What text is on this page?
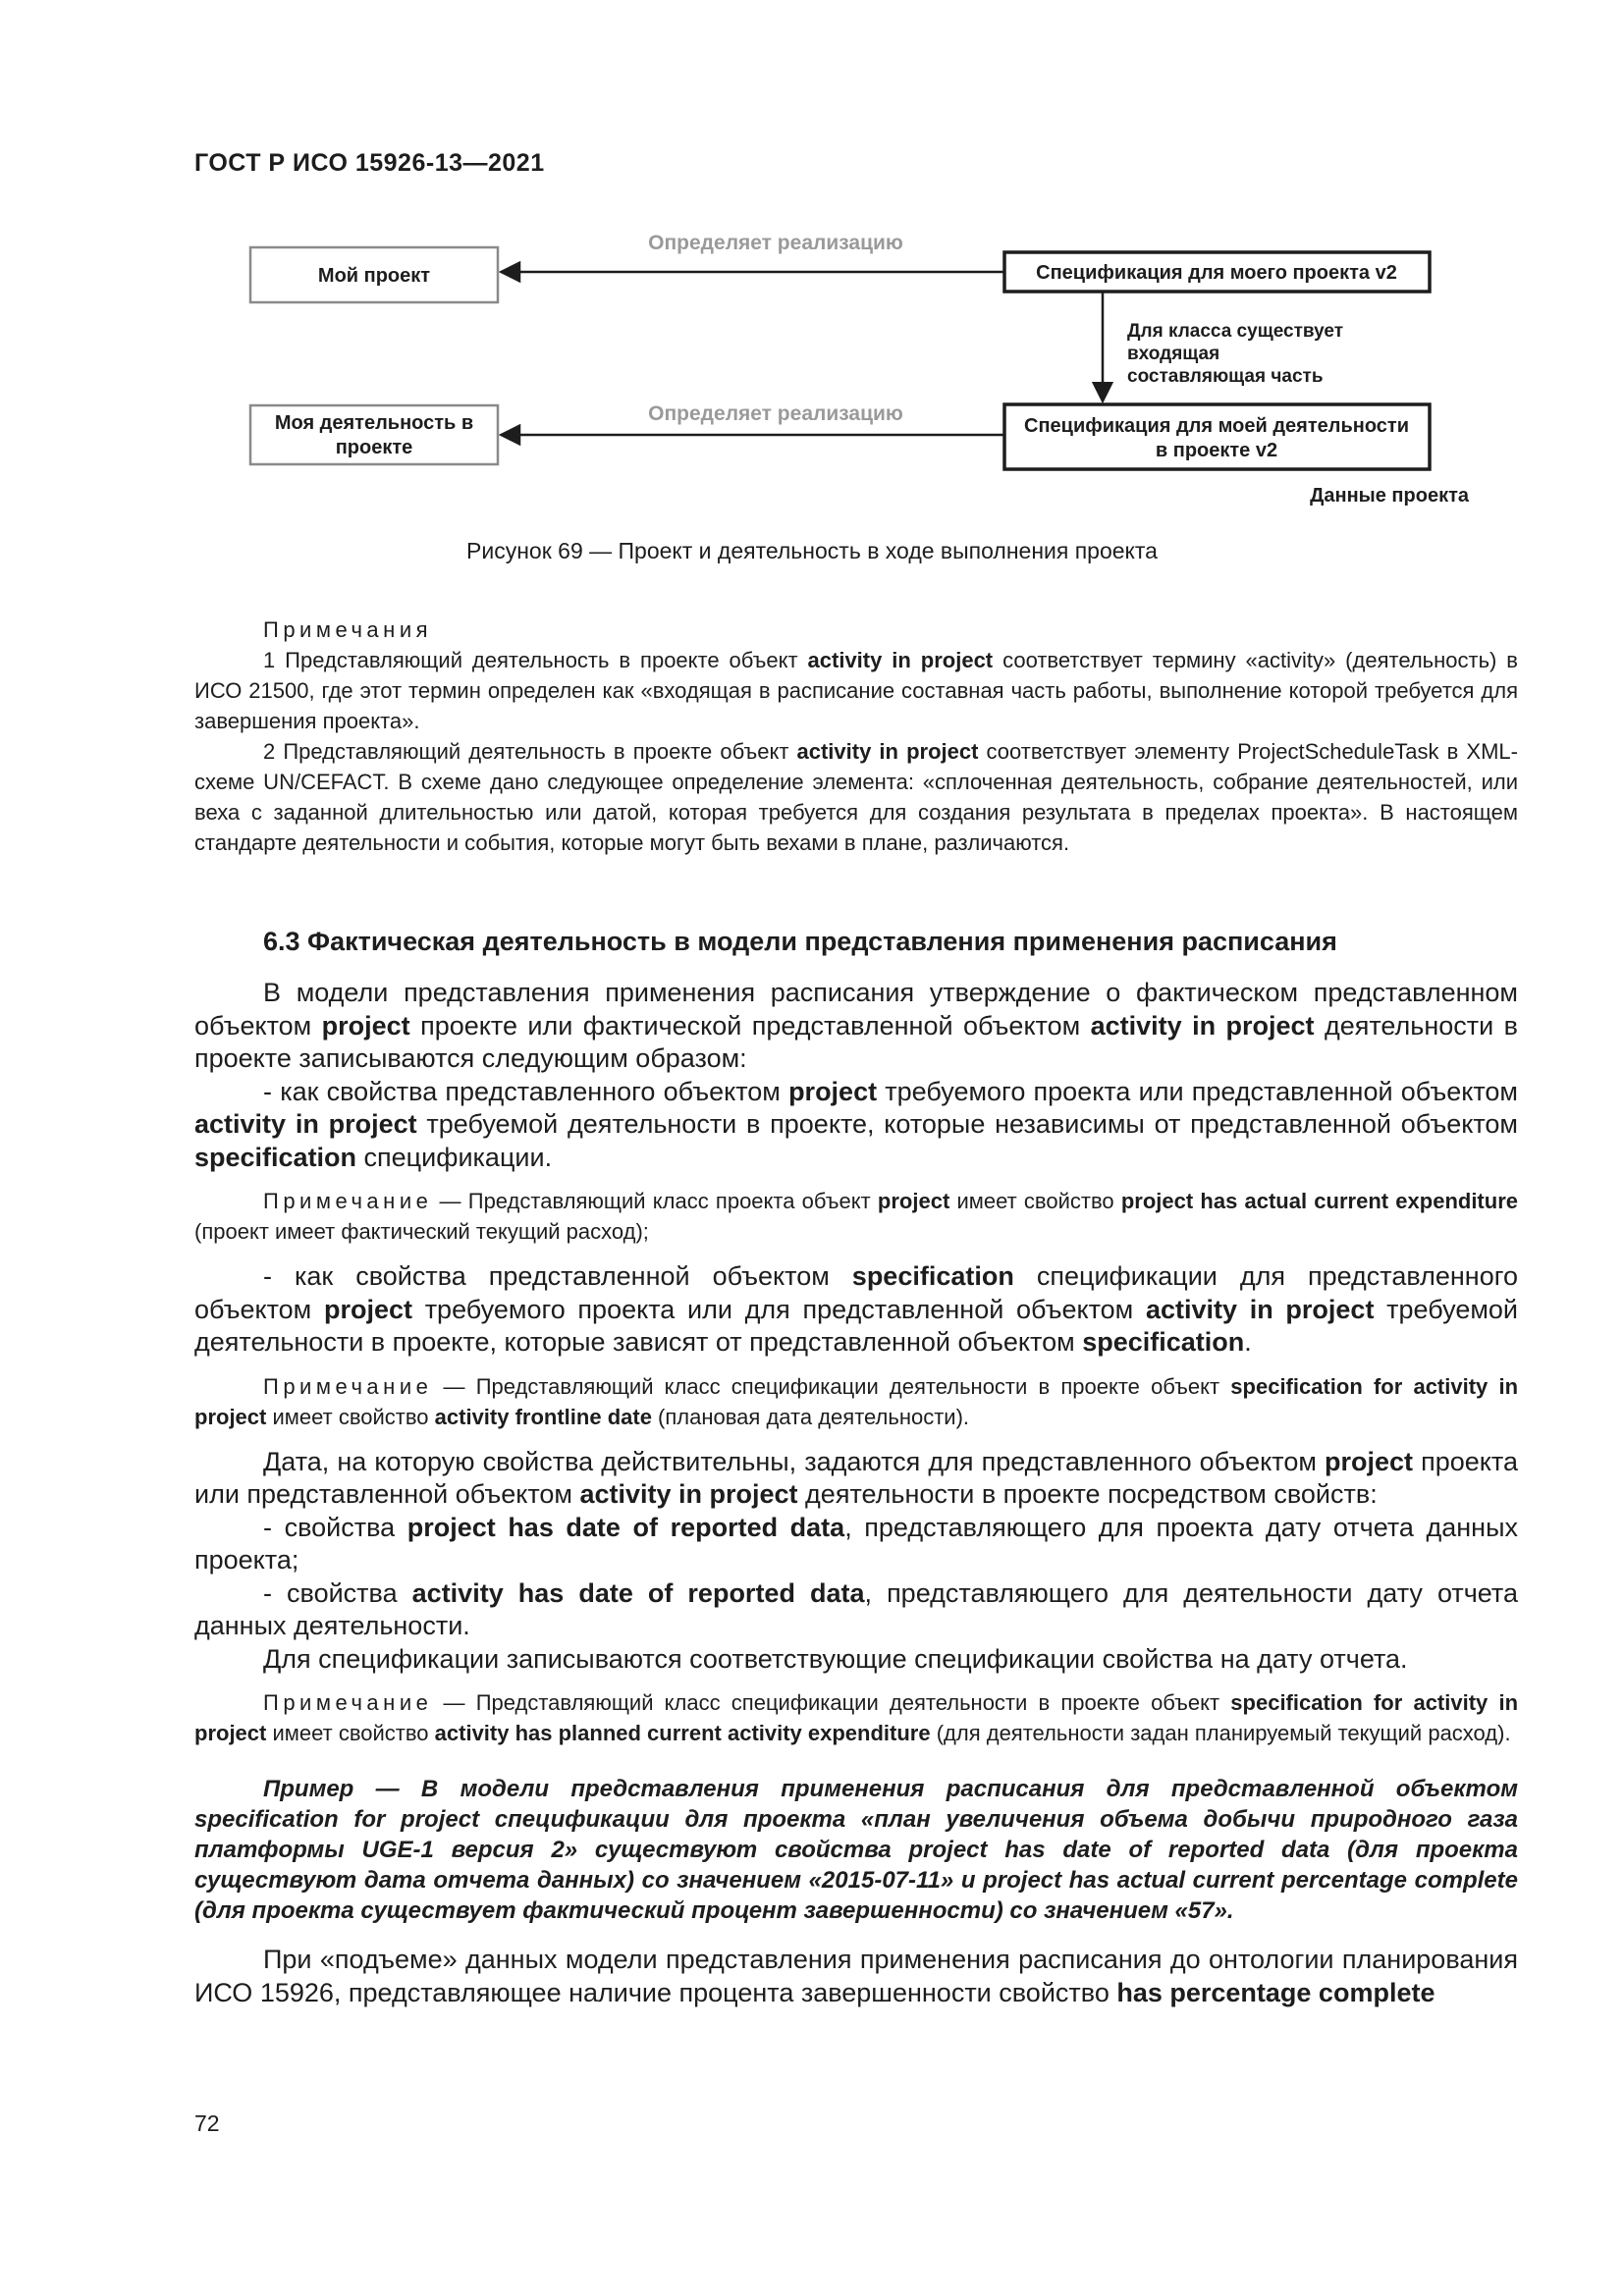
ГОСТ Р ИСО 15926-13—2021
Мой проект
Моя деятельность в
проекте
Спецификация для моего проекта v2
Спецификация для моей деятельности
в проекте v2
Определяет реализацию
Определяет реализацию
Для класса существует
входящая
составляющая часть
Данные проекта
Рисунок 69 — Проект и деятельность в ходе выполнения проекта

Примечания

1 Представляющий деятельность в проекте объект activity in project соответствует термину «activity» (деятельность) в ИСО 21500, где этот термин определен как «входящая в расписание составная часть работы, выполнение которой требуется для завершения проекта».

2 Представляющий деятельность в проекте объект activity in project соответствует элементу ProjectScheduleTask в XML-схеме UN/CEFACT. В схеме дано следующее определение элемента: «сплоченная деятельность, собрание деятельностей, или веха с заданной длительностью или датой, которая требуется для создания результата в пределах проекта». В настоящем стандарте деятельности и события, которые могут быть вехами в плане, различаются.

6.3 Фактическая деятельность в модели представления применения расписания

В модели представления применения расписания утверждение о фактическом представленном объектом project проекте или фактической представленной объектом activity in project деятельности в проекте записываются следующим образом:

- как свойства представленного объектом project требуемого проекта или представленной объектом activity in project требуемой деятельности в проекте, которые независимы от представленной объектом specification спецификации.

Примечание — Представляющий класс проекта объект project имеет свойство project has actual current expenditure (проект имеет фактический текущий расход);

- как свойства представленной объектом specification спецификации для представленного объектом project требуемого проекта или для представленной объектом activity in project требуемой деятельности в проекте, которые зависят от представленной объектом specification.

Примечание — Представляющий класс спецификации деятельности в проекте объект specification for activity in project имеет свойство activity frontline date (плановая дата деятельности).

Дата, на которую свойства действительны, задаются для представленного объектом project проекта или представленной объектом activity in project деятельности в проекте посредством свойств:

- свойства project has date of reported data, представляющего для проекта дату отчета данных проекта;

- свойства activity has date of reported data, представляющего для деятельности дату отчета данных деятельности.

Для спецификации записываются соответствующие спецификации свойства на дату отчета.

Примечание — Представляющий класс спецификации деятельности в проекте объект specification for activity in project имеет свойство activity has planned current activity expenditure (для деятельности задан планируемый текущий расход).

Пример — В модели представления применения расписания для представленной объектом specification for project спецификации для проекта «план увеличения объема добычи природного газа платформы UGE-1 версия 2» существуют свойства project has date of reported data (для проекта существуют дата отчета данных) со значением «2015-07-11» и project has actual current percentage complete (для проекта существует фактический процент завершенности) со значением «57».

При «подъеме» данных модели представления применения расписания до онтологии планирования ИСО 15926, представляющее наличие процента завершенности свойство has percentage complete

72
